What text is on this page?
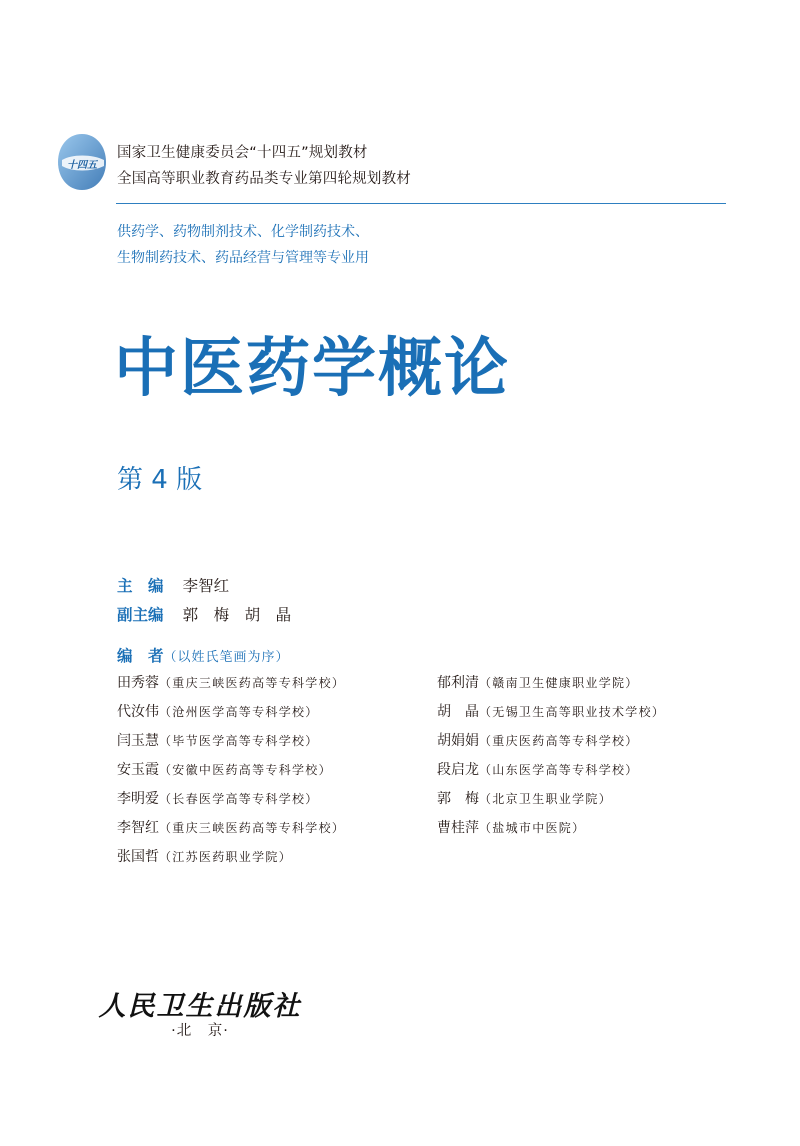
十四五
国家卫生健康委员会“十四五”规划教材
全国高等职业教育药品类专业第四轮规划教材
供药学、药物制剂技术、化学制药技术、
生物制药技术、药品经营与管理等专业用
中医药学概论
第 4 版
主　编 李智红
副主编 郭　梅　胡　晶
编　者（以姓氏笔画为序）
田秀蓉（重庆三峡医药高等专科学校）
代汝伟（沧州医学高等专科学校）
闫玉慧（毕节医学高等专科学校）
安玉霞（安徽中医药高等专科学校）
李明爱（长春医学高等专科学校）
李智红（重庆三峡医药高等专科学校）
张国哲（江苏医药职业学院）
郁利清（赣南卫生健康职业学院）
胡　晶（无锡卫生高等职业技术学校）
胡娟娟（重庆医药高等专科学校）
段启龙（山东医学高等专科学校）
郭　梅（北京卫生职业学院）
曹桂萍（盐城市中医院）
人民卫生出版社
·北　京·
